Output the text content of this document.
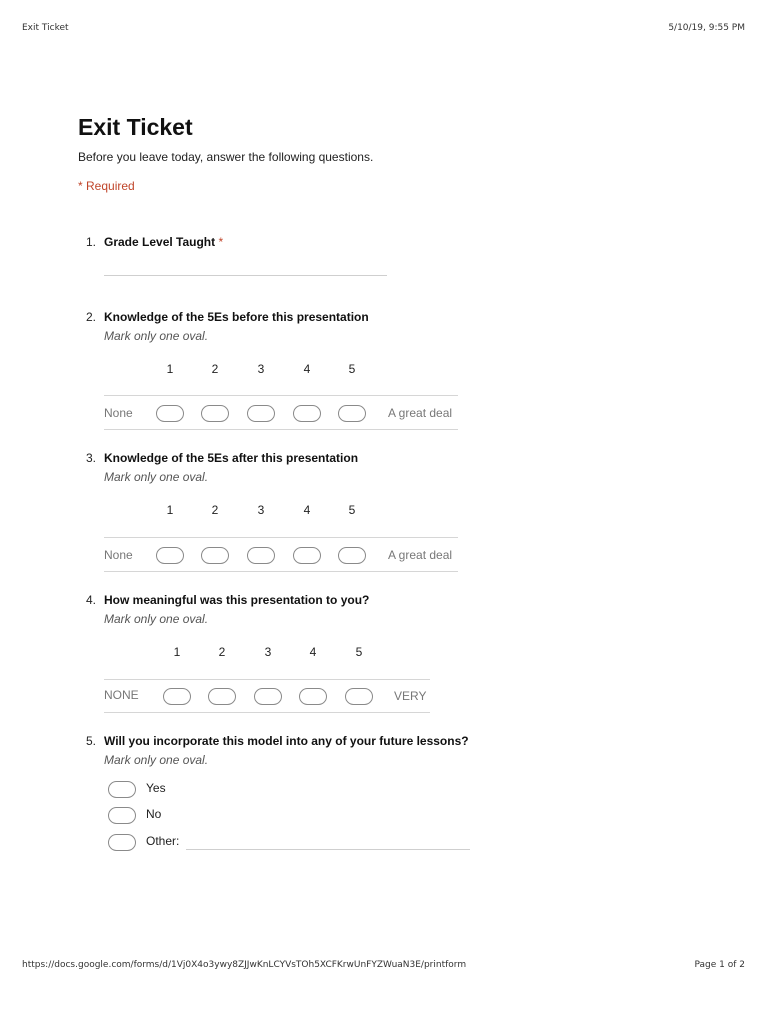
Exit Ticket	5/10/19, 9:55 PM
Exit Ticket
Before you leave today, answer the following questions.
* Required
1. Grade Level Taught *
2. Knowledge of the 5Es before this presentation
Mark only one oval.
1	2	3	4	5
None	A great deal
3. Knowledge of the 5Es after this presentation
Mark only one oval.
1	2	3	4	5
None	A great deal
4. How meaningful was this presentation to you?
Mark only one oval.
1	2	3	4	5
NONE	VERY
5. Will you incorporate this model into any of your future lessons?
Mark only one oval.
Yes
No
Other:
https://docs.google.com/forms/d/1Vj0X4o3ywy8ZJJwKnLCYVsTOh5XCFKrwUnFYZWuaN3E/printform	Page 1 of 2
